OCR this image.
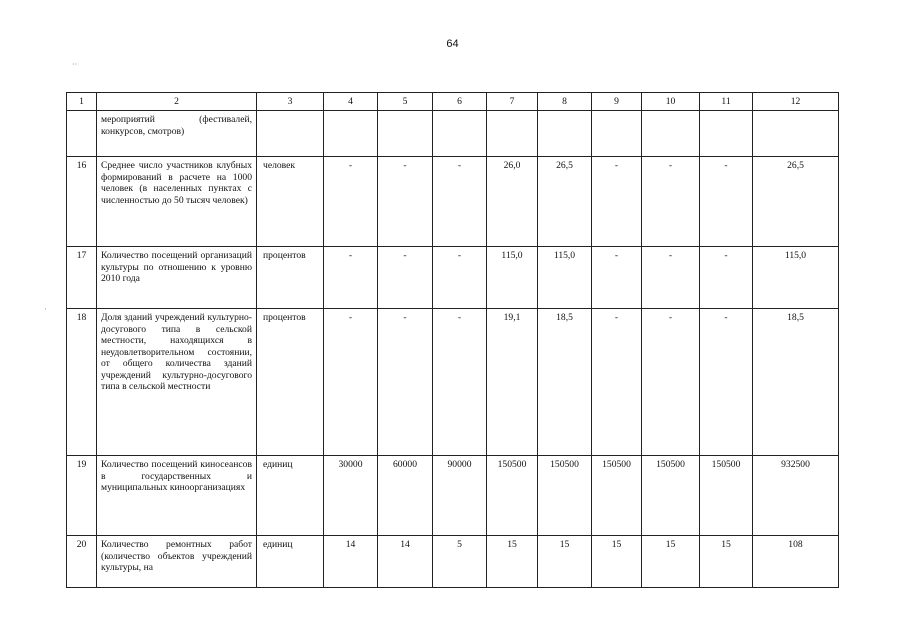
64
1	2	3	4	5	6	7	8	9	10	11	12
	мероприятий (фестивалей, конкурсов, смотров)										
16	Среднее число участников клубных формирований в расчете на 1000 человек (в населенных пунктах с численностью до 50 тысяч человек)	человек	-	-	-	26,0	26,5	-	-	-	26,5
17	Количество посещений организаций культуры по отношению к уровню 2010 года	процентов	-	-	-	115,0	115,0	-	-	-	115,0
18	Доля зданий учреждений культурно-досугового типа в сельской местности, находящихся в неудовлетворительном состоянии, от общего количества зданий учреждений культурно-досугового типа в сельской местности	процентов	-	-	-	19,1	18,5	-	-	-	18,5
19	Количество посещений киносеансов в государственных и муниципальных киноорганизациях	единиц	30000	60000	90000	150500	150500	150500	150500	150500	932500
20	Количество ремонтных работ (количество объектов учреждений культуры, на	единиц	14	14	5	15	15	15	15	15	108
··
·
